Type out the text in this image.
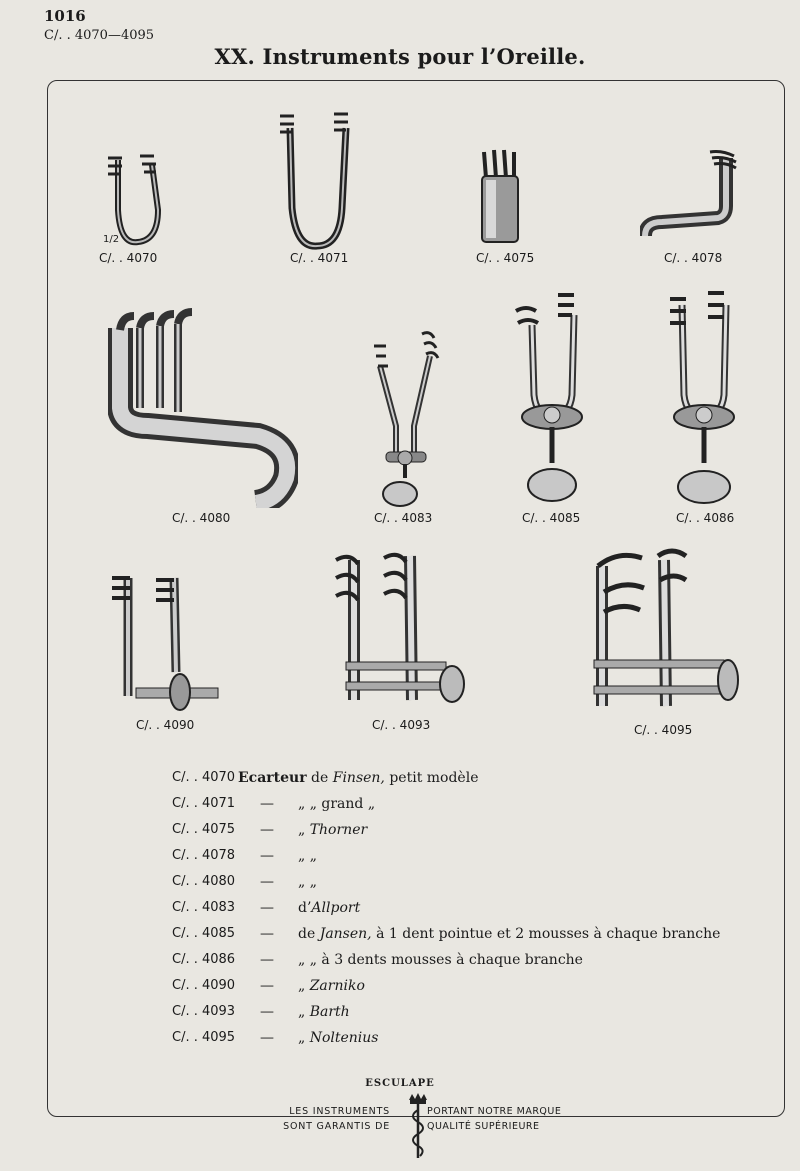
1016
C/. . 4070—4095
XX. Instruments pour l’Oreille.
C/. . 4070
1/2
C/. . 4071	C/. . 4075	C/. . 4078
C/. . 4080	C/. . 4083	C/. . 4085	C/. . 4086
C/. . 4090	C/. . 4093	C/. . 4095
C/. . 4070 Ecarteur de Finsen, petit modèle
C/. . 4071 — „ „ grand „
C/. . 4075 — „ Thorner
C/. . 4078 — „ „
C/. . 4080 — „ „
C/. . 4083 — d’Allport
C/. . 4085 — de Jansen, à 1 dent pointue et 2 mousses à chaque branche
C/. . 4086 — „ „ à 3 dents mousses à chaque branche
C/. . 4090 — „ Zarniko
C/. . 4093 — „ Barth
C/. . 4095 — „ Noltenius
ESCULAPE
LES INSTRUMENTS
SONT GARANTIS DE
PORTANT NOTRE MARQUE
QUALITÉ SUPÉRIEURE
